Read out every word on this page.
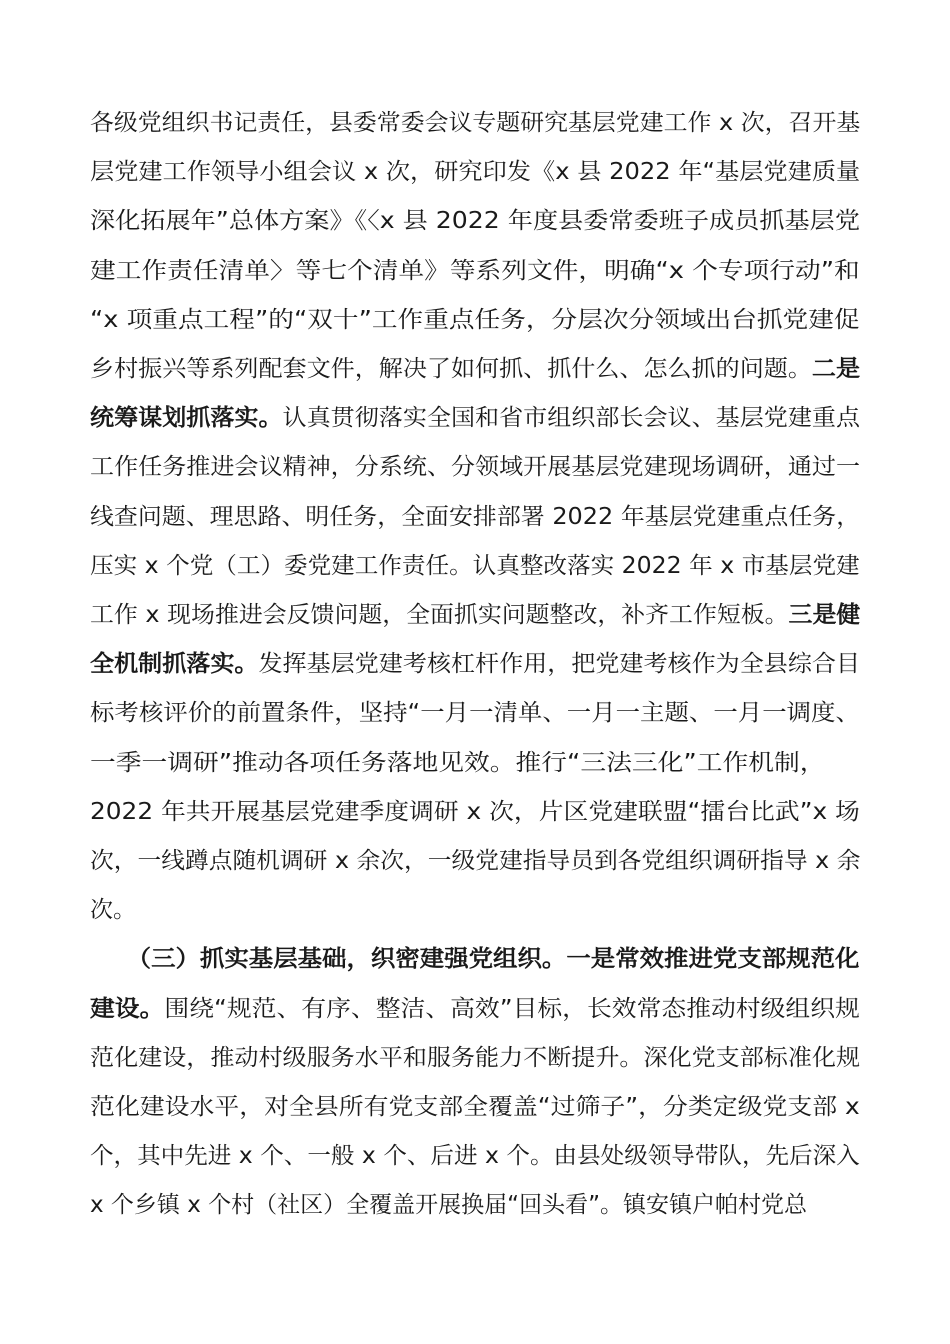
各级党组织书记责任，县委常委会议专题研究基层党建工作 x 次，召开基
层党建工作领导小组会议 x 次，研究印发《x 县 2022 年“基层党建质量
深化拓展年”总体方案》《〈x 县 2022 年度县委常委班子成员抓基层党
建工作责任清单〉等七个清单》等系列文件，明确“x 个专项行动”和
“x 项重点工程”的“双十”工作重点任务，分层次分领域出台抓党建促
乡村振兴等系列配套文件，解决了如何抓、抓什么、怎么抓的问题。二是
统筹谋划抓落实。认真贯彻落实全国和省市组织部长会议、基层党建重点
工作任务推进会议精神，分系统、分领域开展基层党建现场调研，通过一
线查问题、理思路、明任务，全面安排部署 2022 年基层党建重点任务，
压实 x 个党（工）委党建工作责任。认真整改落实 2022 年 x 市基层党建
工作 x 现场推进会反馈问题，全面抓实问题整改，补齐工作短板。三是健
全机制抓落实。发挥基层党建考核杠杆作用，把党建考核作为全县综合目
标考核评价的前置条件，坚持“一月一清单、一月一主题、一月一调度、
一季一调研”推动各项任务落地见效。推行“三法三化”工作机制，
2022 年共开展基层党建季度调研 x 次，片区党建联盟“擂台比武”x 场
次，一线蹲点随机调研 x 余次，一级党建指导员到各党组织调研指导 x 余
次。
　　（三）抓实基层基础，织密建强党组织。一是常效推进党支部规范化
建设。围绕“规范、有序、整洁、高效”目标，长效常态推动村级组织规
范化建设，推动村级服务水平和服务能力不断提升。深化党支部标准化规
范化建设水平，对全县所有党支部全覆盖“过筛子”，分类定级党支部 x
个，其中先进 x 个、一般 x 个、后进 x 个。由县处级领导带队，先后深入
x 个乡镇 x 个村（社区）全覆盖开展换届“回头看”。镇安镇户帕村党总
